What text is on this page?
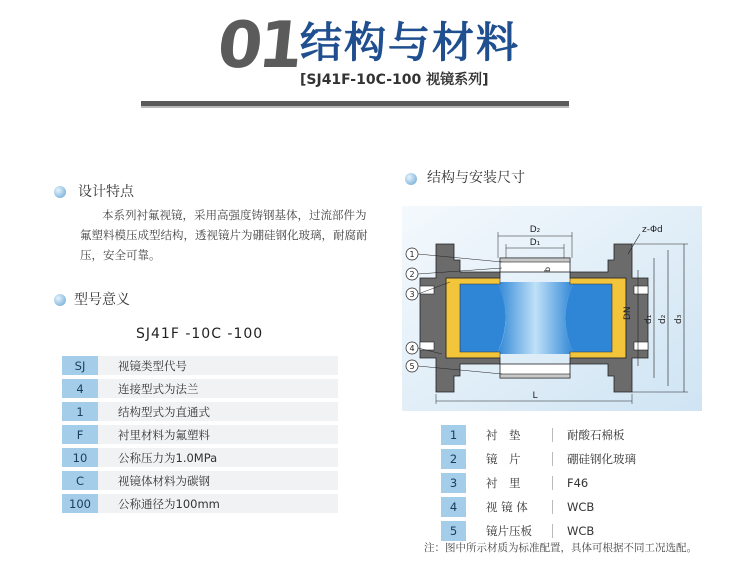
01
结构与材料
[SJ41F-10C-100 视镜系列]
设计特点
本系列衬氟视镜，采用高强度铸钢基体，过流部件为氟塑料模压成型结构，透视镜片为硼硅钢化玻璃，耐腐耐压，安全可靠。
型号意义
SJ41F -10C -100
SJ	视镜类型代号
4	连接型式为法兰
1	结构型式为直通式
F	衬里材料为氟塑料
10	公称压力为1.0MPa
C	视镜体材料为碳钢
100	公称通径为100mm
结构与安装尺寸
D₂
D₁
b
z-Φd
DN d₁ d₂ d₃
L
1
2
3
4
5
1	衬　垫	耐酸石棉板
2	镜　片	硼硅钢化玻璃
3	衬　里	F46
4	视 镜 体	WCB
5	镜片压板	WCB
注：图中所示材质为标准配置，具体可根据不同工况选配。
